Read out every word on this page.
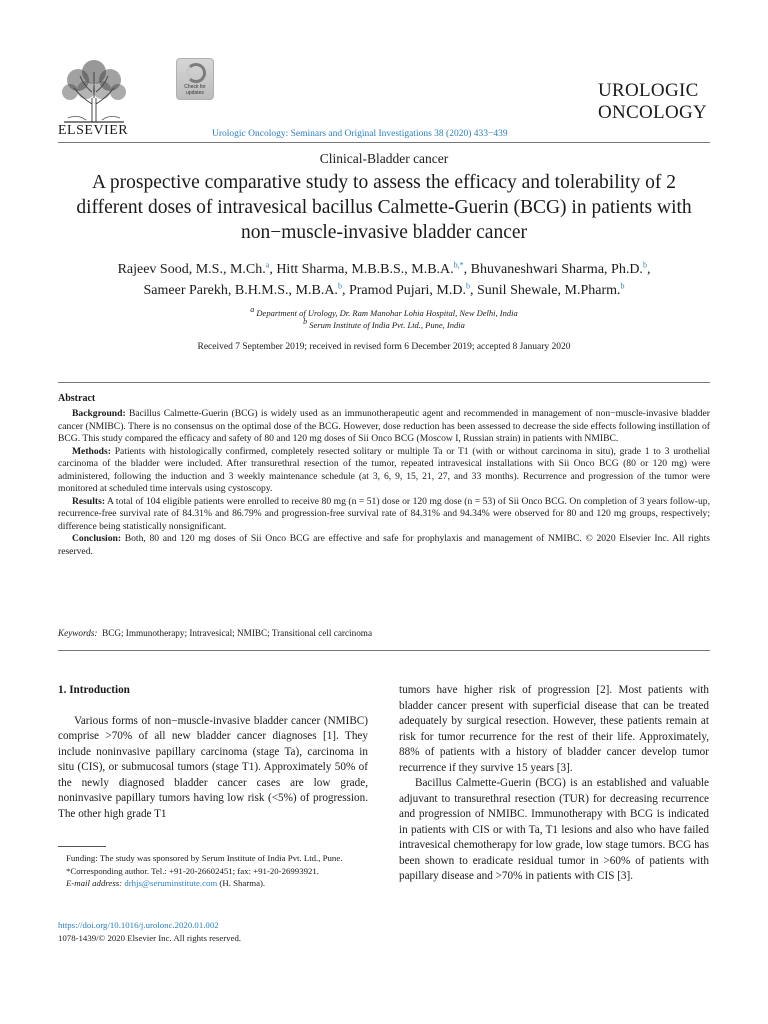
ELSEVIER
Check for updates
Urologic Oncology: Seminars and Original Investigations 38 (2020) 433−439
UROLOGIC
ONCOLOGY
Clinical-Bladder cancer
A prospective comparative study to assess the efficacy and tolerability of 2 different doses of intravesical bacillus Calmette-Guerin (BCG) in patients with non−muscle-invasive bladder cancer
Rajeev Sood, M.S., M.Ch.$^a$, Hitt Sharma, M.B.B.S., M.B.A.$^{b,*}$, Bhuvaneshwari Sharma, Ph.D.$^b$,
Sameer Parekh, B.H.M.S., M.B.A.$^b$, Pramod Pujari, M.D.$^b$, Sunil Shewale, M.Pharm.$^b$
a Department of Urology, Dr. Ram Manohar Lohia Hospital, New Delhi, India
b Serum Institute of India Pvt. Ltd., Pune, India
Received 7 September 2019; received in revised form 6 December 2019; accepted 8 January 2020
Abstract

Background: Bacillus Calmette-Guerin (BCG) is widely used as an immunotherapeutic agent and recommended in management of non−muscle-invasive bladder cancer (NMIBC). There is no consensus on the optimal dose of the BCG. However, dose reduction has been assessed to decrease the side effects following instillation of BCG. This study compared the efficacy and safety of 80 and 120 mg doses of Sii Onco BCG (Moscow I, Russian strain) in patients with NMIBC.

Methods: Patients with histologically confirmed, completely resected solitary or multiple Ta or T1 (with or without carcinoma in situ), grade 1 to 3 urothelial carcinoma of the bladder were included. After transurethral resection of the tumor, repeated intravesical installations with Sii Onco BCG (80 or 120 mg) were administered, following the induction and 3 weekly maintenance schedule (at 3, 6, 9, 15, 21, 27, and 33 months). Recurrence and progression of the tumor were monitored at scheduled time intervals using cystoscopy.

Results: A total of 104 eligible patients were enrolled to receive 80 mg (n = 51) dose or 120 mg dose (n = 53) of Sii Onco BCG. On completion of 3 years follow-up, recurrence-free survival rate of 84.31% and 86.79% and progression-free survival rate of 84.31% and 94.34% were observed for 80 and 120 mg groups, respectively; difference being statistically nonsignificant.

Conclusion: Both, 80 and 120 mg doses of Sii Onco BCG are effective and safe for prophylaxis and management of NMIBC. © 2020 Elsevier Inc. All rights reserved.

Keywords: BCG; Immunotherapy; Intravesical; NMIBC; Transitional cell carcinoma

1. Introduction

Various forms of non−muscle-invasive bladder cancer (NMIBC) comprise >70% of all new bladder cancer diagnoses [1]. They include noninvasive papillary carcinoma (stage Ta), carcinoma in situ (CIS), or submucosal tumors (stage T1). Approximately 50% of the newly diagnosed bladder cancer cases are low grade, noninvasive papillary tumors having low risk (<5%) of progression. The other high grade T1

tumors have higher risk of progression [2]. Most patients with bladder cancer present with superficial disease that can be treated adequately by surgical resection. However, these patients remain at risk for tumor recurrence for the rest of their life. Approximately, 88% of patients with a history of bladder cancer develop tumor recurrence if they survive 15 years [3].

Bacillus Calmette-Guerin (BCG) is an established and valuable adjuvant to transurethral resection (TUR) for decreasing recurrence and progression of NMIBC. Immunotherapy with BCG is indicated in patients with CIS or with Ta, T1 lesions and also who have failed intravesical chemotherapy for low grade, low stage tumors. BCG has been shown to eradicate residual tumor in >60% of patients with papillary disease and >70% in patients with CIS [3].

Funding: The study was sponsored by Serum Institute of India Pvt. Ltd., Pune.

*Corresponding author. Tel.: +91-20-26602451; fax: +91-20-26993921.

E-mail address: drhjs@seruminstitute.com (H. Sharma).

https://doi.org/10.1016/j.urolonc.2020.01.002
1078-1439/© 2020 Elsevier Inc. All rights reserved.
